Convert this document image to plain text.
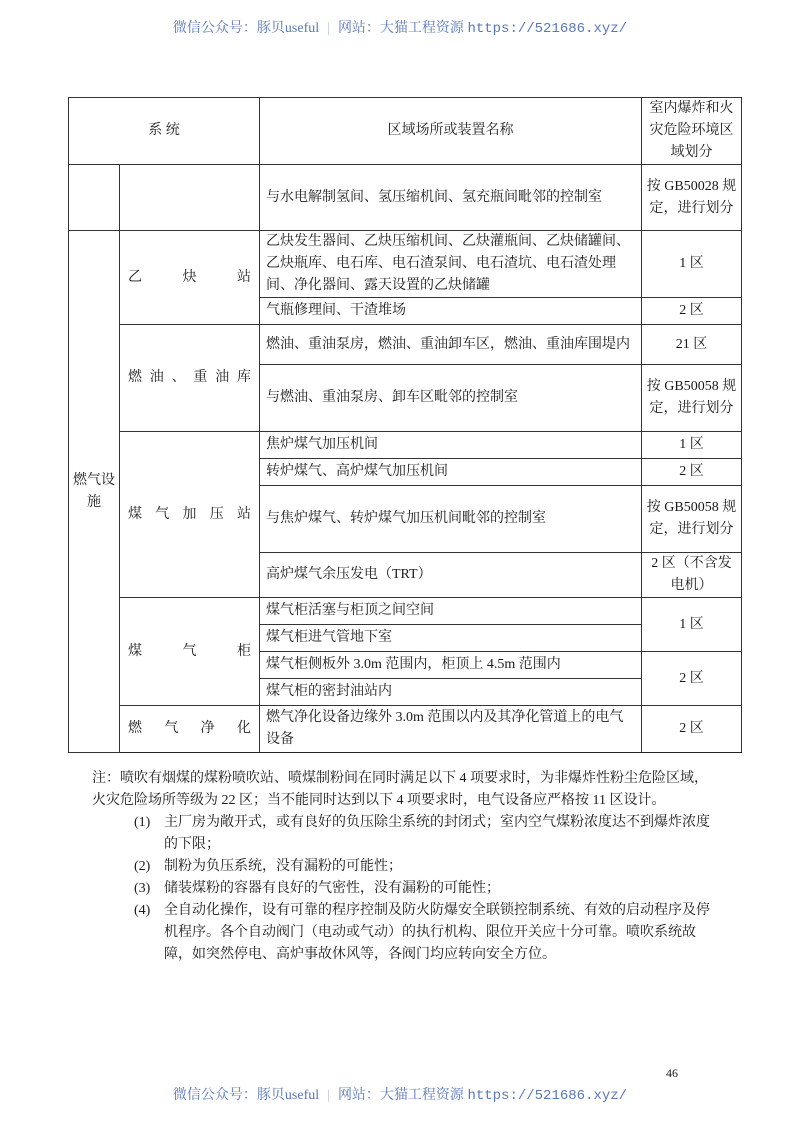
微信公众号：豚贝useful | 网站：大猫工程资源 https://521686.xyz/
系 统		区域场所或装置名称	室内爆炸和火灾危险环境区域划分
		与水电解制氢间、氢压缩机间、氢充瓶间毗邻的控制室	按 GB50028 规定，进行划分
燃气设施	乙炔站	乙炔发生器间、乙炔压缩机间、乙炔灌瓶间、乙炔储罐间、乙炔瓶库、电石库、电石渣泵间、电石渣坑、电石渣处理间、净化器间、露天设置的乙炔储罐	1 区
		气瓶修理间、干渣堆场	2 区
	燃油、重油库	燃油、重油泵房，燃油、重油卸车区，燃油、重油库围堤内	21 区
		与燃油、重油泵房、卸车区毗邻的控制室	按 GB50058 规定，进行划分
	煤气加压站	焦炉煤气加压机间	1 区
		转炉煤气、高炉煤气加压机间	2 区
		与焦炉煤气、转炉煤气加压机间毗邻的控制室	按 GB50058 规定，进行划分
		高炉煤气余压发电（TRT）	2 区（不含发电机）
	煤气柜	煤气柜活塞与柜顶之间空间	1 区
		煤气柜进气管地下室	
		煤气柜侧板外 3.0m 范围内，柜顶上 4.5m 范围内	2 区
		煤气柜的密封油站内	
	燃气净化	燃气净化设备边缘外 3.0m 范围以内及其净化管道上的电气设备	2 区

注：喷吹有烟煤的煤粉喷吹站、喷煤制粉间在同时满足以下 4 项要求时，为非爆炸性粉尘危险区域，火灾危险场所等级为 22 区；当不能同时达到以下 4 项要求时，电气设备应严格按 11 区设计。

(1) 主厂房为敞开式，或有良好的负压除尘系统的封闭式；室内空气煤粉浓度达不到爆炸浓度的下限；
(2) 制粉为负压系统，没有漏粉的可能性；
(3) 储装煤粉的容器有良好的气密性，没有漏粉的可能性；
(4) 全自动化操作，设有可靠的程序控制及防火防爆安全联锁控制系统、有效的启动程序及停机程序。各个自动阀门（电动或气动）的执行机构、限位开关应十分可靠。喷吹系统故障，如突然停电、高炉事故休风等，各阀门均应转向安全方位。
46
微信公众号：豚贝useful | 网站：大猫工程资源 https://521686.xyz/
